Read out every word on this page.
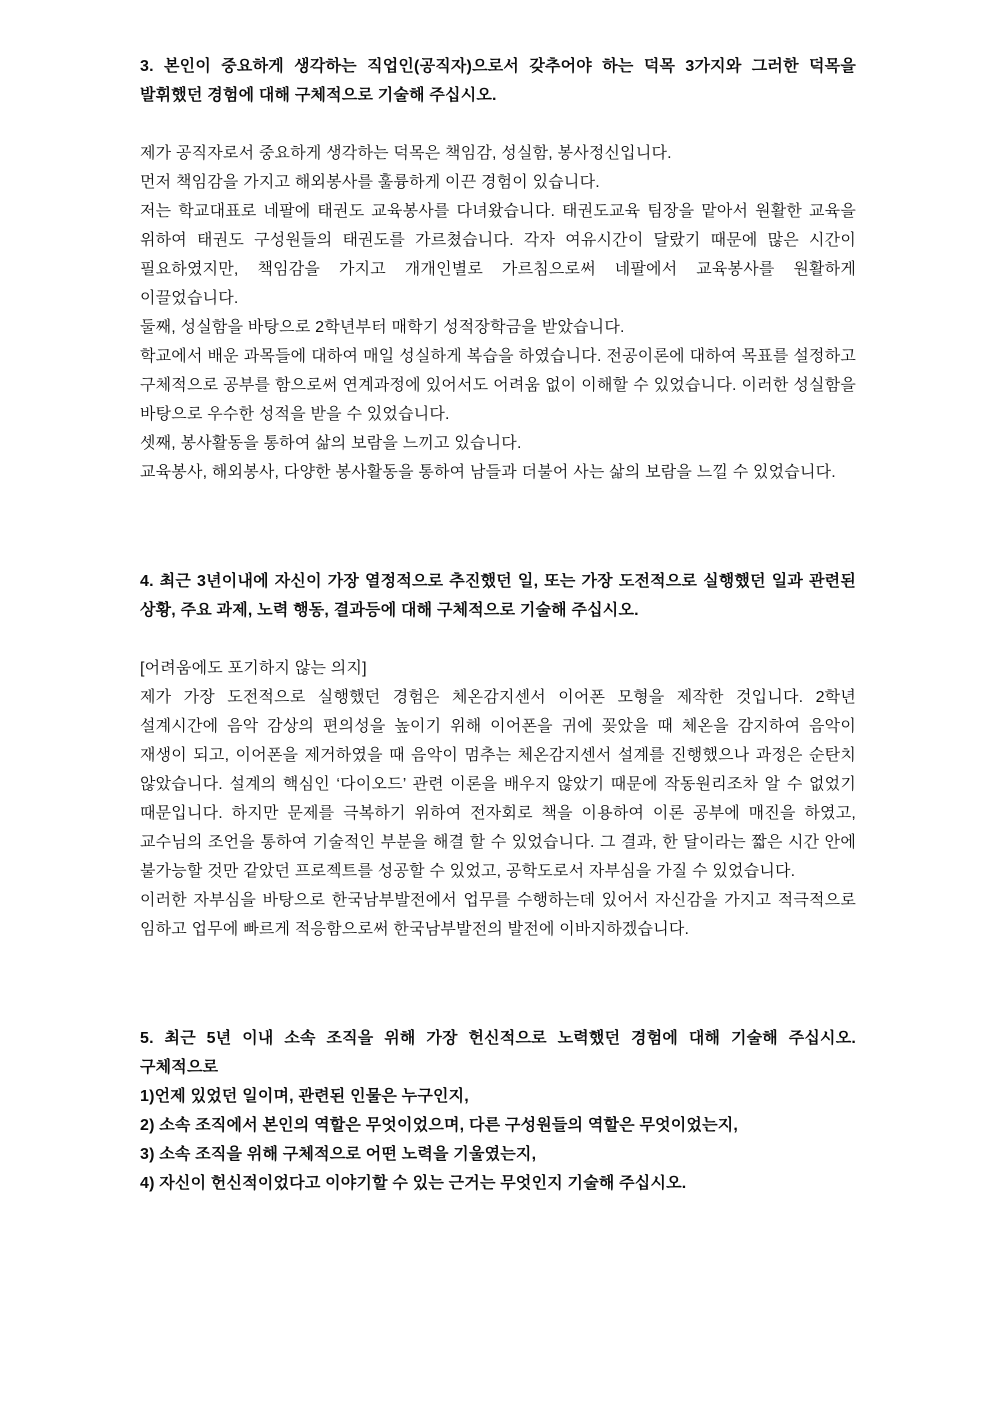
3. 본인이 중요하게 생각하는 직업인(공직자)으로서 갖추어야 하는 덕목 3가지와 그러한 덕목을 발휘했던 경험에 대해 구체적으로 기술해 주십시오.

제가 공직자로서 중요하게 생각하는 덕목은 책임감, 성실함, 봉사정신입니다.

먼저 책임감을 가지고 해외봉사를 훌륭하게 이끈 경험이 있습니다.

저는 학교대표로 네팔에 태권도 교육봉사를 다녀왔습니다. 태권도교육 팀장을 맡아서 원활한 교육을 위하여 태권도 구성원들의 태권도를 가르쳤습니다. 각자 여유시간이 달랐기 때문에 많은 시간이 필요하였지만, 책임감을 가지고 개개인별로 가르침으로써 네팔에서 교육봉사를 원활하게 이끌었습니다.

둘째, 성실함을 바탕으로 2학년부터 매학기 성적장학금을 받았습니다.

학교에서 배운 과목들에 대하여 매일 성실하게 복습을 하였습니다. 전공이론에 대하여 목표를 설정하고 구체적으로 공부를 함으로써 연계과정에 있어서도 어려움 없이 이해할 수 있었습니다. 이러한 성실함을 바탕으로 우수한 성적을 받을 수 있었습니다.

셋째, 봉사활동을 통하여 삶의 보람을 느끼고 있습니다.

교육봉사, 해외봉사, 다양한 봉사활동을 통하여 남들과 더불어 사는 삶의 보람을 느낄 수 있었습니다.

4. 최근 3년이내에 자신이 가장 열정적으로 추진했던 일, 또는 가장 도전적으로 실행했던 일과 관련된 상황, 주요 과제, 노력 행동, 결과등에 대해 구체적으로 기술해 주십시오.

[어려움에도 포기하지 않는 의지]

제가 가장 도전적으로 실행했던 경험은 체온감지센서 이어폰 모형을 제작한 것입니다. 2학년 설계시간에 음악 감상의 편의성을 높이기 위해 이어폰을 귀에 꽂았을 때 체온을 감지하여 음악이 재생이 되고, 이어폰을 제거하였을 때 음악이 멈추는 체온감지센서 설계를 진행했으나 과정은 순탄치 않았습니다. 설계의 핵심인 ‘다이오드’ 관련 이론을 배우지 않았기 때문에 작동원리조차 알 수 없었기 때문입니다. 하지만 문제를 극복하기 위하여 전자회로 책을 이용하여 이론 공부에 매진을 하였고, 교수님의 조언을 통하여 기술적인 부분을 해결 할 수 있었습니다. 그 결과, 한 달이라는 짧은 시간 안에 불가능할 것만 같았던 프로젝트를 성공할 수 있었고, 공학도로서 자부심을 가질 수 있었습니다.

이러한 자부심을 바탕으로 한국남부발전에서 업무를 수행하는데 있어서 자신감을 가지고 적극적으로 임하고 업무에 빠르게 적응함으로써 한국남부발전의 발전에 이바지하겠습니다.

5. 최근 5년 이내 소속 조직을 위해 가장 헌신적으로 노력했던 경험에 대해 기술해 주십시오. 구체적으로

1)언제 있었던 일이며, 관련된 인물은 누구인지,

2) 소속 조직에서 본인의 역할은 무엇이었으며, 다른 구성원들의 역할은 무엇이었는지,

3) 소속 조직을 위해 구체적으로 어떤 노력을 기울였는지,

4) 자신이 헌신적이었다고 이야기할 수 있는 근거는 무엇인지 기술해 주십시오.
